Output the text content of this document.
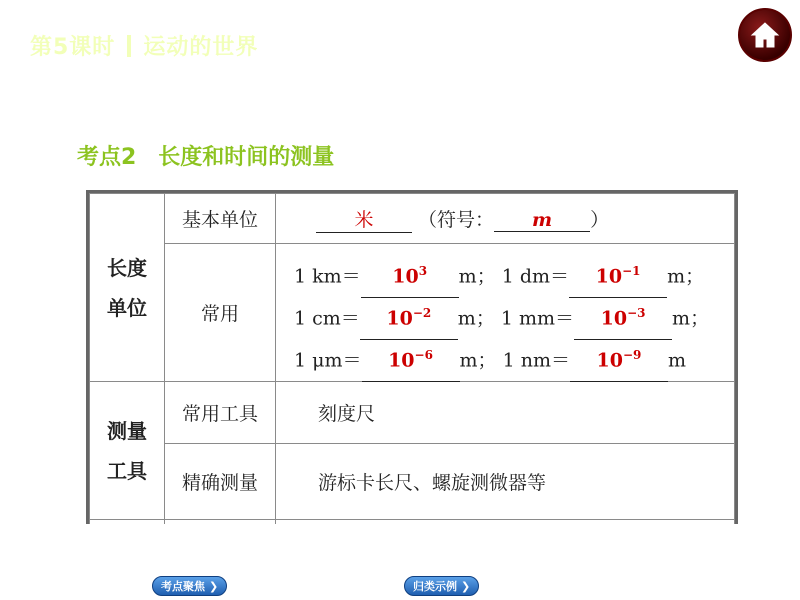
第5课时 运动的世界
考点2　长度和时间的测量
长度
单位	基本单位	米 （符号： m ）
	常用	1 $km= 10^3$ m； 1 $dm= 10^{-1}$ m；
1 $cm= 10^{-2}$ m； 1 $mm= 10^{-3}$ m；
1 $\mu m= 10^{-6}$ m； 1 $nm= 10^{-9}$ m

测量
工具	常用工具	刻度尺
	精确测量	游标卡长尺、螺旋测微器等

考点聚焦 ❯	归类示例 ❯
